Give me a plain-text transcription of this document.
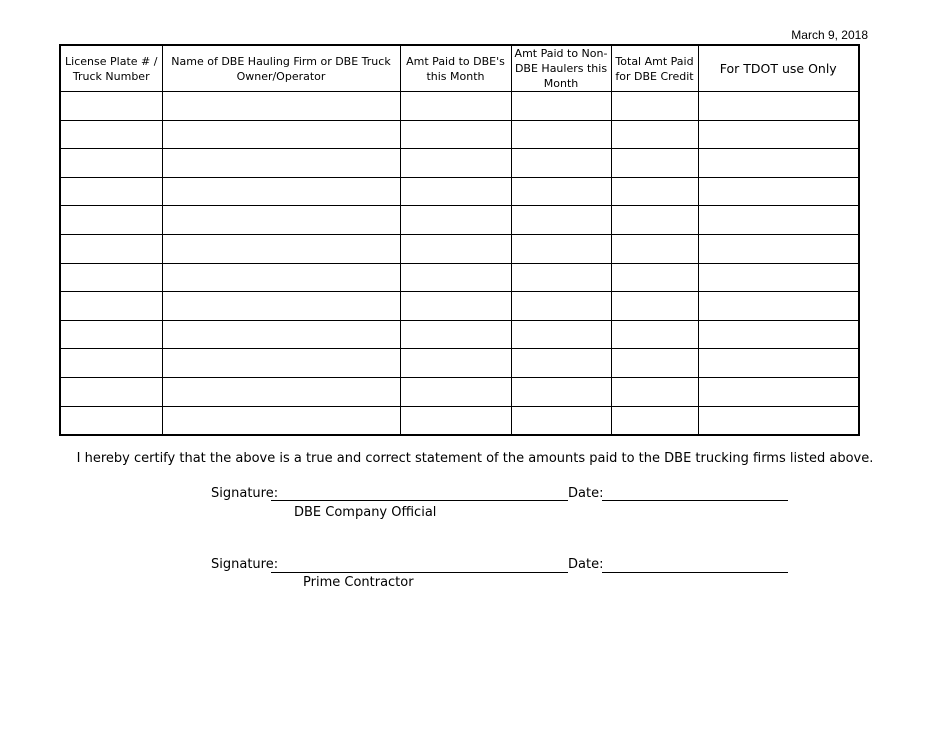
March 9, 2018
License Plate # / Truck Number	Name of DBE Hauling Firm or DBE Truck Owner/Operator	Amt Paid to DBE's this Month	Amt Paid to Non-DBE Haulers this Month	Total Amt Paid for DBE Credit	For TDOT use Only

I hereby certify that the above is a true and correct statement of the amounts paid to the DBE trucking firms listed above.
Signature:	Date:
DBE Company Official
Signature:	Date:
Prime Contractor
